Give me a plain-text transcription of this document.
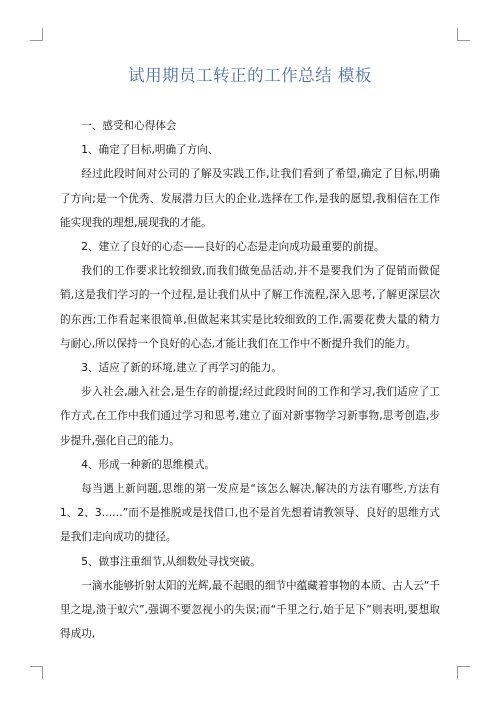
试用期员工转正的工作总结 模板

一、感受和心得体会

1、确定了目标,明确了方向、

经过此段时间对公司的了解及实践工作,让我们看到了希望,确定了目标,明确了方向;是一个优秀、发展潜力巨大的企业,选择在工作,是我的愿望,我相信在工作能实现我的理想,展现我的才能。

2、建立了良好的心态——良好的心态是走向成功最重要的前提。

我们的工作要求比较细致,而我们做免品活动,并不是要我们为了促销而做促销,这是我们学习的一个过程,是让我们从中了解工作流程,深入思考,了解更深层次的东西;工作看起来很简单,但做起来其实是比较细致的工作,需要花费大量的精力与耐心,所以保持一个良好的心态,才能让我们在工作中不断提升我们的能力。

3、适应了新的环境,建立了再学习的能力。

步入社会,融入社会,是生存的前提;经过此段时间的工作和学习,我们适应了工作方式,在工作中我们通过学习和思考,建立了面对新事物学习新事物,思考创造,步步提升,强化自己的能力。

4、形成一种新的思维模式。

每当遇上新问题,思维的第一发应是“该怎么解决,解决的方法有哪些,方法有1、2、3……”而不是推脱或是找借口,也不是首先想着请教领导、良好的思维方式是我们走向成功的捷径。

5、做事注重细节,从细数处寻找突破。

一滴水能够折射太阳的光辉,最不起眼的细节中蕴藏着事物的本质、古人云“千里之堤,溃于蚁穴”,强调不要忽视小的失误;而“千里之行,始于足下”则表明,要想取得成功,
